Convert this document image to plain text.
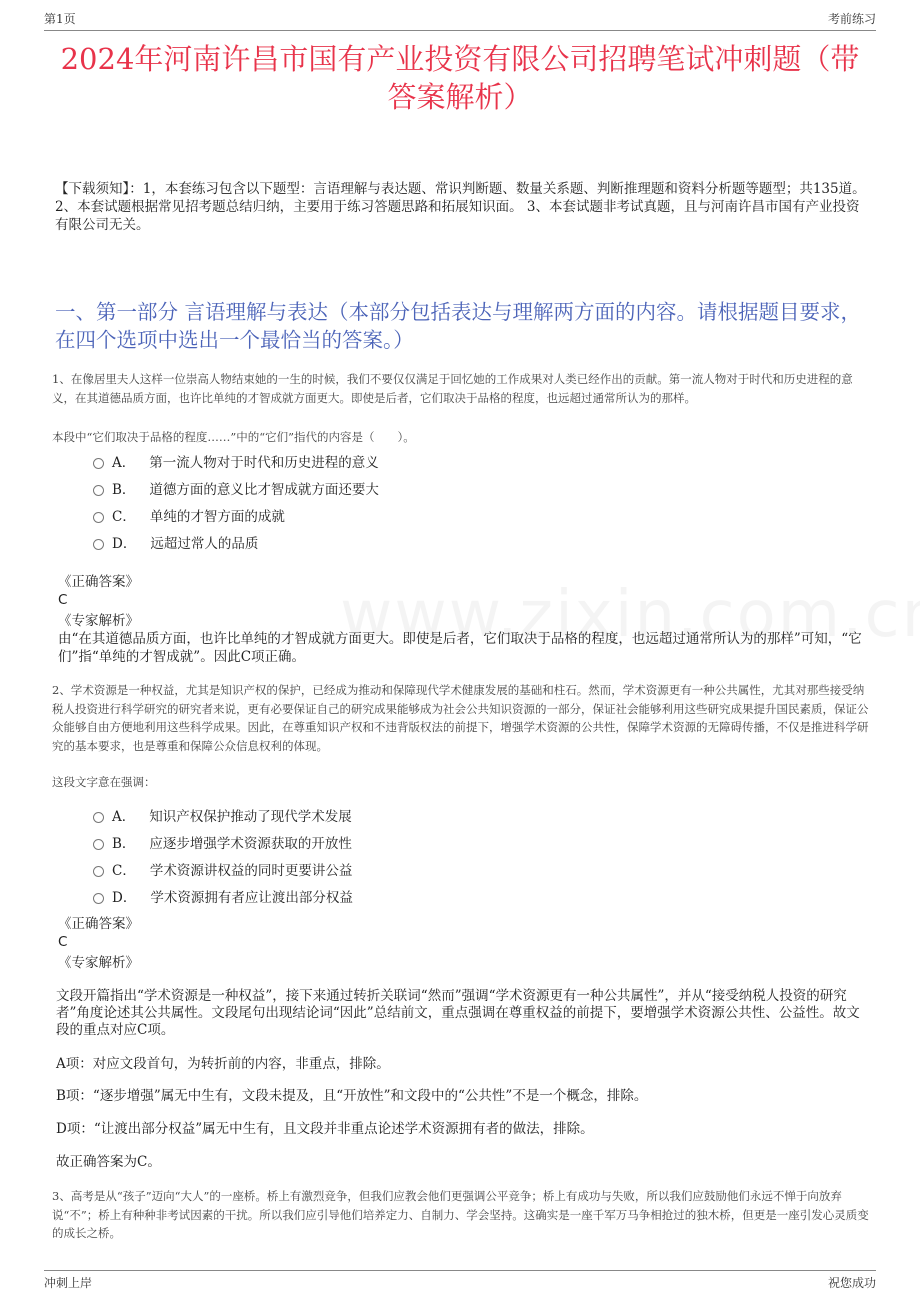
第1页	考前练习
2024年河南许昌市国有产业投资有限公司招聘笔试冲刺题（带答案解析）
【下载须知】：1，本套练习包含以下题型：言语理解与表达题、常识判断题、数量关系题、判断推理题和资料分析题等题型；共135道。 2、本套试题根据常见招考题总结归纳，主要用于练习答题思路和拓展知识面。 3、本套试题非考试真题，且与河南许昌市国有产业投资有限公司无关。
一、第一部分 言语理解与表达（本部分包括表达与理解两方面的内容。请根据题目要求，在四个选项中选出一个最恰当的答案。）
1、在像居里夫人这样一位崇高人物结束她的一生的时候，我们不要仅仅满足于回忆她的工作成果对人类已经作出的贡献。第一流人物对于时代和历史进程的意义，在其道德品质方面，也许比单纯的才智成就方面更大。即使是后者，它们取决于品格的程度，也远超过通常所认为的那样。
本段中“它们取决于品格的程度……”中的“它们”指代的内容是（　　）。
A． 第一流人物对于时代和历史进程的意义
B． 道德方面的意义比才智成就方面还要大
C． 单纯的才智方面的成就
D． 远超过常人的品质
《正确答案》
C
《专家解析》
由“在其道德品质方面，也许比单纯的才智成就方面更大。即使是后者，它们取决于品格的程度，也远超过通常所认为的那样”可知，“它们”指“单纯的才智成就”。因此C项正确。
2、学术资源是一种权益，尤其是知识产权的保护，已经成为推动和保障现代学术健康发展的基础和柱石。然而，学术资源更有一种公共属性，尤其对那些接受纳税人投资进行科学研究的研究者来说，更有必要保证自己的研究成果能够成为社会公共知识资源的一部分，保证社会能够利用这些研究成果提升国民素质，保证公众能够自由方便地利用这些科学成果。因此，在尊重知识产权和不违背版权法的前提下，增强学术资源的公共性，保障学术资源的无障碍传播，不仅是推进科学研究的基本要求，也是尊重和保障公众信息权利的体现。
这段文字意在强调：
A． 知识产权保护推动了现代学术发展
B． 应逐步增强学术资源获取的开放性
C． 学术资源讲权益的同时更要讲公益
D． 学术资源拥有者应让渡出部分权益
《正确答案》
C
《专家解析》
文段开篇指出“学术资源是一种权益”，接下来通过转折关联词“然而”强调“学术资源更有一种公共属性”，并从“接受纳税人投资的研究者”角度论述其公共属性。文段尾句出现结论词“因此”总结前文，重点强调在尊重权益的前提下，要增强学术资源公共性、公益性。故文段的重点对应C项。
A项：对应文段首句，为转折前的内容，非重点，排除。
B项：“逐步增强”属无中生有，文段未提及，且“开放性”和文段中的“公共性”不是一个概念，排除。
D项：“让渡出部分权益”属无中生有，且文段并非重点论述学术资源拥有者的做法，排除。
故正确答案为C。
3、高考是从“孩子”迈向“大人”的一座桥。桥上有激烈竞争，但我们应教会他们更强调公平竞争；桥上有成功与失败，所以我们应鼓励他们永远不惮于向放弃说“不”；桥上有种种非考试因素的干扰。所以我们应引导他们培养定力、自制力、学会坚持。这确实是一座千军万马争相抢过的独木桥，但更是一座引发心灵质变的成长之桥。
冲刺上岸	祝您成功
